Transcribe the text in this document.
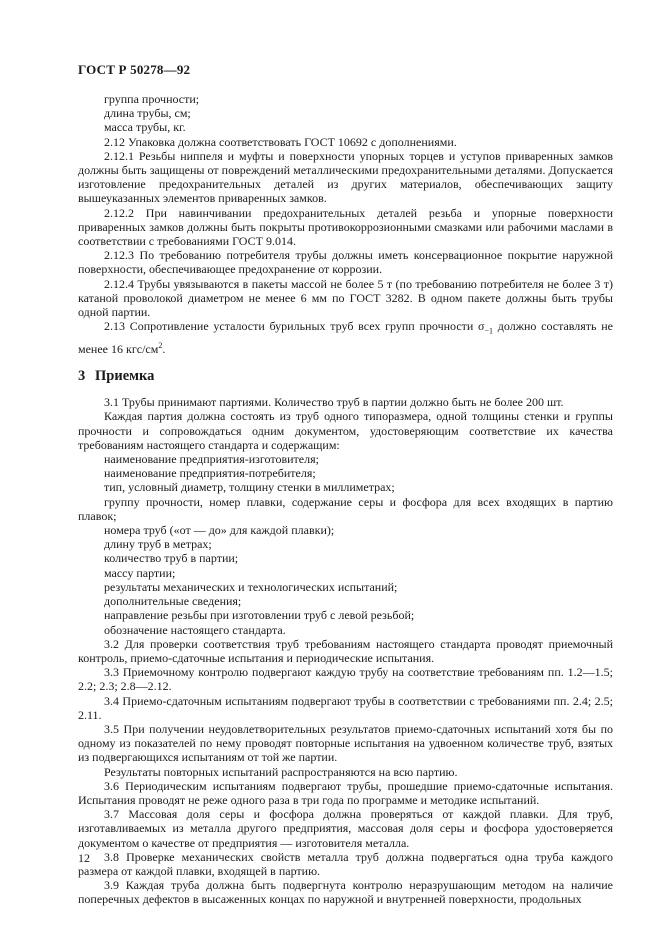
ГОСТ Р 50278—92

группа прочности;

длина трубы, см;

масса трубы, кг.

2.12 Упаковка должна соответствовать ГОСТ 10692 с дополнениями.

2.12.1 Резьбы ниппеля и муфты и поверхности упорных торцев и уступов приваренных замков должны быть защищены от повреждений металлическими предохранительными деталями. Допускается изготовление предохранительных деталей из других материалов, обеспечивающих защиту вышеуказанных элементов приваренных замков.

2.12.2 При навинчивании предохранительных деталей резьба и упорные поверхности приваренных замков должны быть покрыты противокоррозионными смазками или рабочими маслами в соответствии с требованиями ГОСТ 9.014.

2.12.3 По требованию потребителя трубы должны иметь консервационное покрытие наружной поверхности, обеспечивающее предохранение от коррозии.

2.12.4 Трубы увязываются в пакеты массой не более 5 т (по требованию потребителя не более 3 т) катаной проволокой диаметром не менее 6 мм по ГОСТ 3282. В одном пакете должны быть трубы одной партии.

2.13 Сопротивление усталости бурильных труб всех групп прочности $\sigma_{-1}$ должно составлять не менее 16 кгс/$см^2$.

3 Приемка

3.1 Трубы принимают партиями. Количество труб в партии должно быть не более 200 шт.

Каждая партия должна состоять из труб одного типоразмера, одной толщины стенки и группы прочности и сопровождаться одним документом, удостоверяющим соответствие их качества требованиям настоящего стандарта и содержащим:

наименование предприятия-изготовителя;

наименование предприятия-потребителя;

тип, условный диаметр, толщину стенки в миллиметрах;

группу прочности, номер плавки, содержание серы и фосфора для всех входящих в партию плавок;

номера труб («от — до» для каждой плавки);

длину труб в метрах;

количество труб в партии;

массу партии;

результаты механических и технологических испытаний;

дополнительные сведения;

направление резьбы при изготовлении труб с левой резьбой;

обозначение настоящего стандарта.

3.2 Для проверки соответствия труб требованиям настоящего стандарта проводят приемочный контроль, приемо-сдаточные испытания и периодические испытания.

3.3 Приемочному контролю подвергают каждую трубу на соответствие требованиям пп. 1.2—1.5; 2.2; 2.3; 2.8—2.12.

3.4 Приемо-сдаточным испытаниям подвергают трубы в соответствии с требованиями пп. 2.4; 2.5; 2.11.

3.5 При получении неудовлетворительных результатов приемо-сдаточных испытаний хотя бы по одному из показателей по нему проводят повторные испытания на удвоенном количестве труб, взятых из подвергающихся испытаниям от той же партии.

Результаты повторных испытаний распространяются на всю партию.

3.6 Периодическим испытаниям подвергают трубы, прошедшие приемо-сдаточные испытания. Испытания проводят не реже одного раза в три года по программе и методике испытаний.

3.7 Массовая доля серы и фосфора должна проверяться от каждой плавки. Для труб, изготавливаемых из металла другого предприятия, массовая доля серы и фосфора удостоверяется документом о качестве от предприятия — изготовителя металла.

3.8 Проверке механических свойств металла труб должна подвергаться одна труба каждого размера от каждой плавки, входящей в партию.

3.9 Каждая труба должна быть подвергнута контролю неразрушающим методом на наличие поперечных дефектов в высаженных концах по наружной и внутренней поверхности, продольных

12
